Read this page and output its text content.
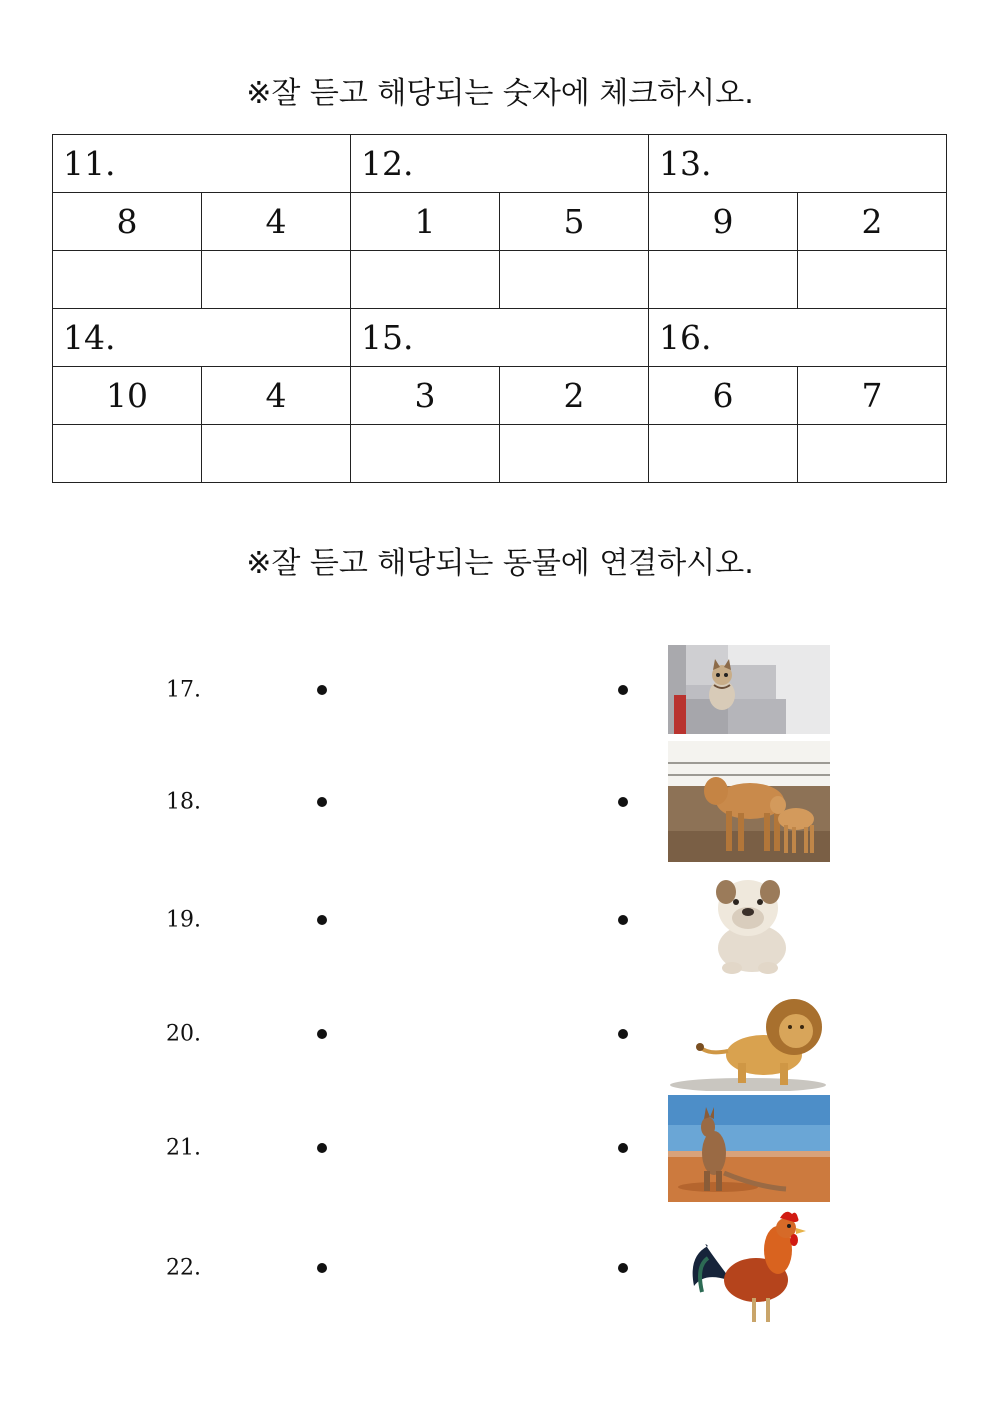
※잘 듣고 해당되는 숫자에 체크하시오.
11.		12.		13.	
8	4	1	5	9	2

14.		15.		16.	
10	4	3	2	6	7

※잘 듣고 해당되는 동물에 연결하시오.
17.
18.
19.
20.
21.
22.
